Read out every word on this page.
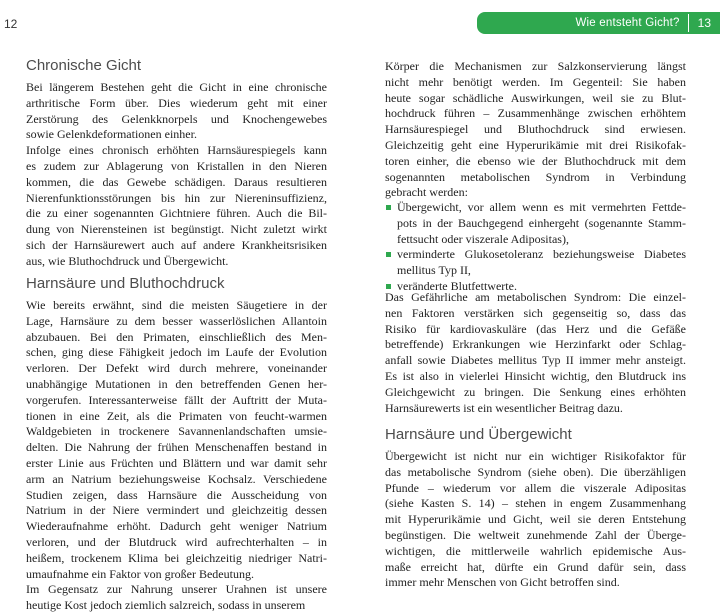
12	Wie entsteht Gicht?	13
Chronische Gicht
Bei längerem Bestehen geht die Gicht in eine chronische
arthritische Form über. Dies wiederum geht mit einer
Zerstörung des Gelenkknorpels und Knochengewebes
sowie Gelenkdeformationen einher.
Infolge eines chronisch erhöhten Harnsäurespiegels kann
es zudem zur Ablagerung von Kristallen in den Nieren
kommen, die das Gewebe schädigen. Daraus resultieren
Nierenfunktionsstörungen bis hin zur Niereninsuffizienz,
die zu einer sogenannten Gichtniere führen. Auch die Bil-
dung von Nierensteinen ist begünstigt. Nicht zuletzt wirkt
sich der Harnsäurewert auch auf andere Krankheitsrisiken
aus, wie Bluthochdruck und Übergewicht.
Harnsäure und Bluthochdruck
Wie bereits erwähnt, sind die meisten Säugetiere in der
Lage, Harnsäure zu dem besser wasserlöslichen Allantoin
abzubauen. Bei den Primaten, einschließlich des Men-
schen, ging diese Fähigkeit jedoch im Laufe der Evolution
verloren. Der Defekt wird durch mehrere, voneinander
unabhängige Mutationen in den betreffenden Genen her-
vorgerufen. Interessanterweise fällt der Auftritt der Muta-
tionen in eine Zeit, als die Primaten von feucht-warmen
Waldgebieten in trockenere Savannenlandschaften umsie-
delten. Die Nahrung der frühen Menschenaffen bestand in
erster Linie aus Früchten und Blättern und war damit sehr
arm an Natrium beziehungsweise Kochsalz. Verschiedene
Studien zeigen, dass Harnsäure die Ausscheidung von
Natrium in der Niere vermindert und gleichzeitig dessen
Wiederaufnahme erhöht. Dadurch geht weniger Natrium
verloren, und der Blutdruck wird aufrechterhalten – in
heißem, trockenem Klima bei gleichzeitig niedriger Natri-
umaufnahme ein Faktor von großer Bedeutung.
Im Gegensatz zur Nahrung unserer Urahnen ist unsere
heutige Kost jedoch ziemlich salzreich, sodass in unserem
Körper die Mechanismen zur Salzkonservierung längst
nicht mehr benötigt werden. Im Gegenteil: Sie haben
heute sogar schädliche Auswirkungen, weil sie zu Blut-
hochdruck führen – Zusammenhänge zwischen erhöhtem
Harnsäurespiegel und Bluthochdruck sind erwiesen.
Gleichzeitig geht eine Hyperurikämie mit drei Risikofak-
toren einher, die ebenso wie der Bluthochdruck mit dem
sogenannten metabolischen Syndrom in Verbindung
gebracht werden:
Übergewicht, vor allem wenn es mit vermehrten Fettde-
pots in der Bauchgegend einhergeht (sogenannte Stamm-
fettsucht oder viszerale Adipositas),
verminderte Glukosetoleranz beziehungsweise Diabetes
mellitus Typ II,
veränderte Blutfettwerte.
Das Gefährliche am metabolischen Syndrom: Die einzel-
nen Faktoren verstärken sich gegenseitig so, dass das
Risiko für kardiovaskuläre (das Herz und die Gefäße
betreffende) Erkrankungen wie Herzinfarkt oder Schlag-
anfall sowie Diabetes mellitus Typ II immer mehr ansteigt.
Es ist also in vielerlei Hinsicht wichtig, den Blutdruck ins
Gleichgewicht zu bringen. Die Senkung eines erhöhten
Harnsäurewerts ist ein wesentlicher Beitrag dazu.
Harnsäure und Übergewicht
Übergewicht ist nicht nur ein wichtiger Risikofaktor für
das metabolische Syndrom (siehe oben). Die überzähligen
Pfunde – wiederum vor allem die viszerale Adipositas
(siehe Kasten S. 14) – stehen in engem Zusammenhang
mit Hyperurikämie und Gicht, weil sie deren Entstehung
begünstigen. Die weltweit zunehmende Zahl der Überge-
wichtigen, die mittlerweile wahrlich epidemische Aus-
maße erreicht hat, dürfte ein Grund dafür sein, dass
immer mehr Menschen von Gicht betroffen sind.
